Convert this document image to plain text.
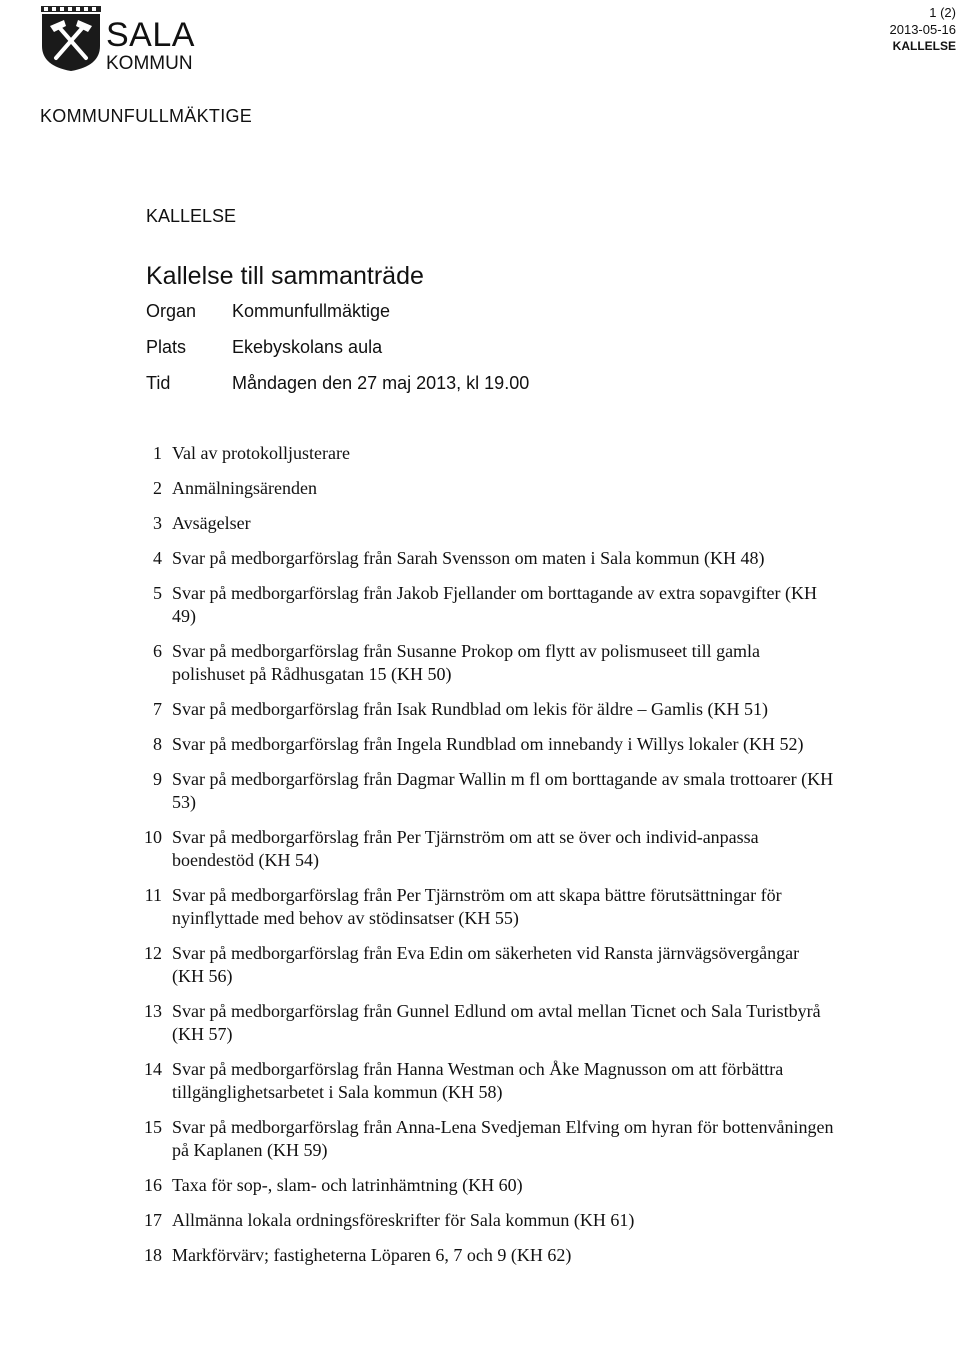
SALA
KOMMUN
1 (2)
2013-05-16
KALLELSE
KOMMUNFULLMÄKTIGE
KALLELSE
Kallelse till sammanträde
Organ Kommunfullmäktige
Plats	Ekebyskolans aula
Tid	Måndagen den 27 maj 2013, kl 19.00
1 Val av protokolljusterare
2 Anmälningsärenden
3 Avsägelser
4 Svar på medborgarförslag från Sarah Svensson om maten i Sala kommun (KH 48)
5 Svar på medborgarförslag från Jakob Fjellander om borttagande av extra sopavgifter (KH 49)
6 Svar på medborgarförslag från Susanne Prokop om flytt av polismuseet till gamla polishuset på Rådhusgatan 15 (KH 50)
7 Svar på medborgarförslag från Isak Rundblad om lekis för äldre – Gamlis (KH 51)
8 Svar på medborgarförslag från Ingela Rundblad om innebandy i Willys lokaler (KH 52)
9 Svar på medborgarförslag från Dagmar Wallin m fl om borttagande av smala trottoarer (KH 53)
10 Svar på medborgarförslag från Per Tjärnström om att se över och individ-anpassa boendestöd (KH 54)
11 Svar på medborgarförslag från Per Tjärnström om att skapa bättre förutsättningar för nyinflyttade med behov av stödinsatser (KH 55)
12 Svar på medborgarförslag från Eva Edin om säkerheten vid Ransta järnvägsövergångar (KH 56)
13 Svar på medborgarförslag från Gunnel Edlund om avtal mellan Ticnet och Sala Turistbyrå (KH 57)
14 Svar på medborgarförslag från Hanna Westman och Åke Magnusson om att förbättra tillgänglighetsarbetet i Sala kommun (KH 58)
15 Svar på medborgarförslag från Anna-Lena Svedjeman Elfving om hyran för bottenvåningen på Kaplanen (KH 59)
16 Taxa för sop-, slam- och latrinhämtning (KH 60)
17 Allmänna lokala ordningsföreskrifter för Sala kommun (KH 61)
18 Markförvärv; fastigheterna Löparen 6, 7 och 9 (KH 62)
